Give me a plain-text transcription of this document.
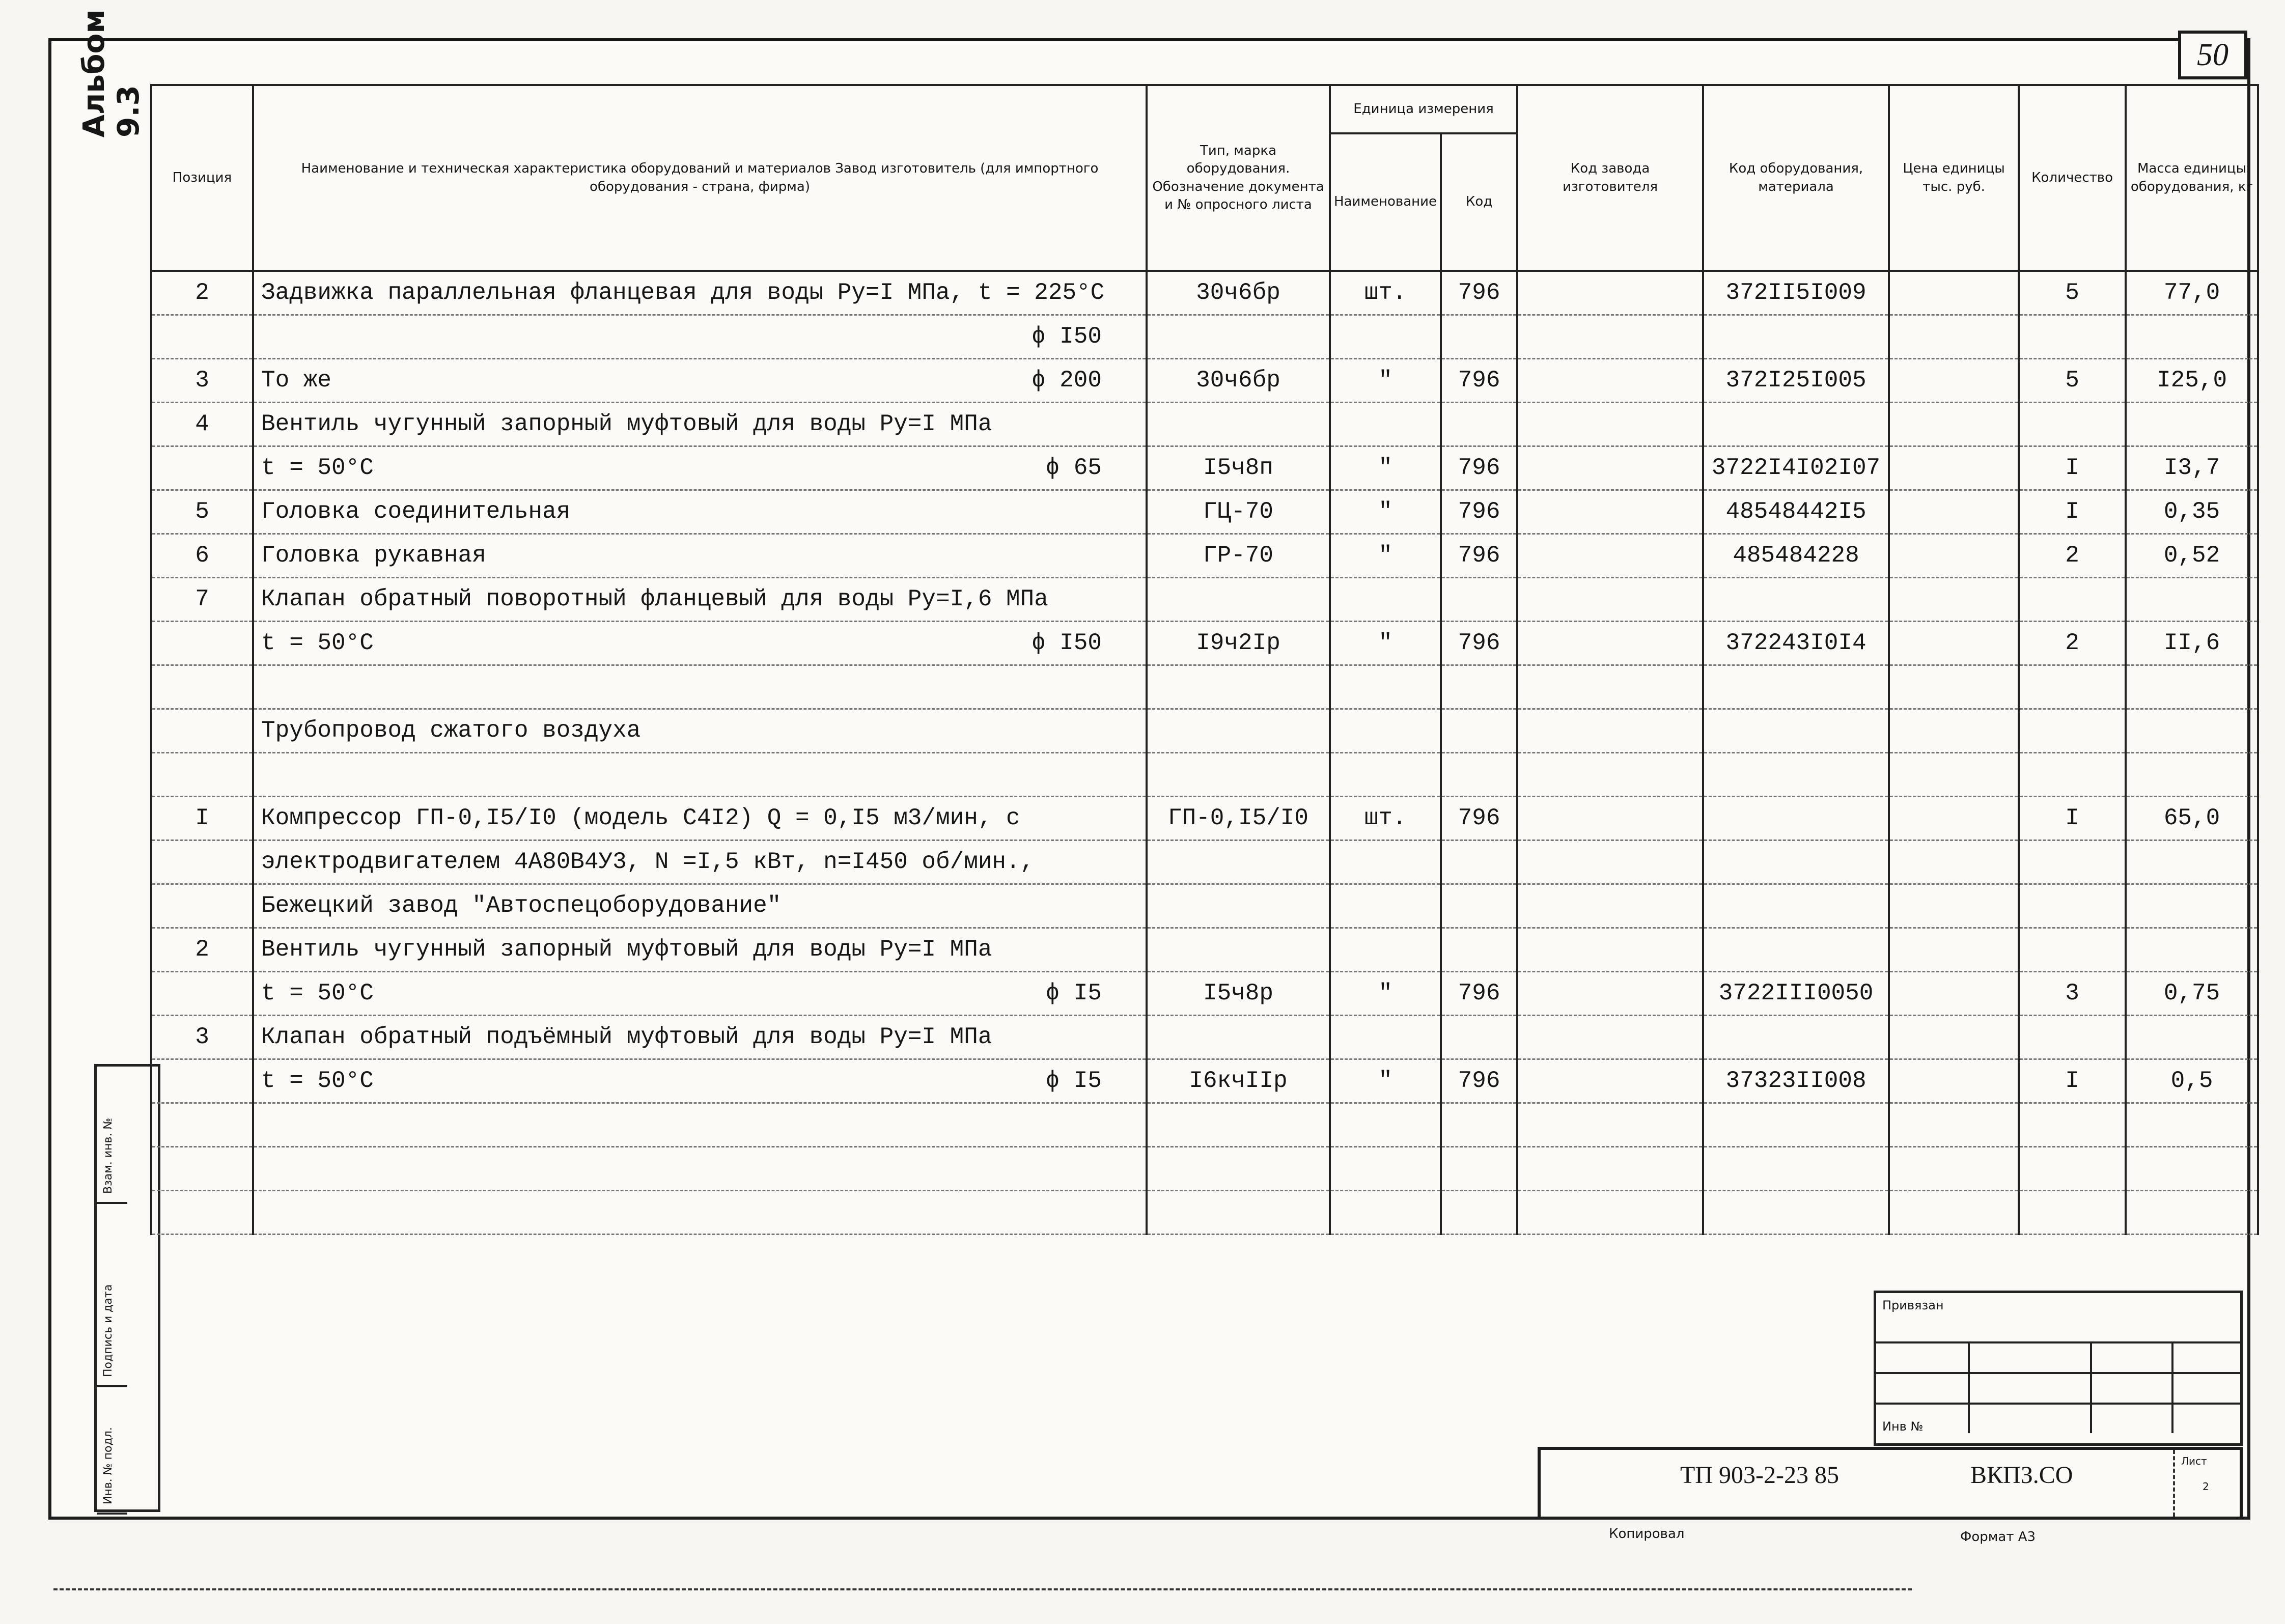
50
Альбом 9.3
Взам. инв. №
Подпись и дата
Инв. № подл.
Позиция	Наименование и техническая характеристика оборудований и материалов Завод изготовитель (для импортного оборудования - страна, фирма)	Тип, марка оборудования. Обозначение документа и № опросного листа	Единица измерения		Код завода изготовителя	Код оборудования, материала	Цена единицы тыс. руб.	Количество	Масса единицы оборудования, кг
			Наименование	Код					
2	Задвижка параллельная фланцевая для воды Ру=I МПа, t = 225°С	30ч6бр	шт.	796		372II5I009		5	77,0

	ϕ I50								

3	То же ϕ 200	30ч6бр	"	796		372I25I005		5	I25,0
4	Вентиль чугунный запорный муфтовый для воды Ру=I МПа

	t = 50°С ϕ 65	I5ч8п	"	796		3722I4I02I07		I	I3,7
5	Головка соединительная	ГЦ-70	"	796		48548442I5		I	0,35
6	Головка рукавная	ГР-70	"	796		485484228		2	0,52
7	Клапан обратный поворотный фланцевый для воды Ру=I,6 МПа

	t = 50°С ϕ I50	I9ч2Iр	"	796		372243I0I4		2	II,6

	Трубопровод сжатого воздуха

I	Компрессор ГП-0,I5/I0 (модель С4I2) Q = 0,I5 м3/мин, с	ГП-0,I5/I0	шт.	796				I	65,0
	электродвигателем 4А80В4У3, N =I,5 кВт, n=I450 об/мин.,

	Бежецкий завод "Автоспецоборудование"

2	Вентиль чугунный запорный муфтовый для воды Ру=I МПа

	t = 50°С ϕ I5	I5ч8р	"	796		3722III0050		3	0,75
3	Клапан обратный подъёмный муфтовый для воды Ру=I МПа

	t = 50°С ϕ I5	I6кчIIр	"	796		37323II008		I	0,5

Привязан
Инв №
Лист
2
ТП 903-2-23 85	ВКПЗ.СО
Копировал	Формат А3
